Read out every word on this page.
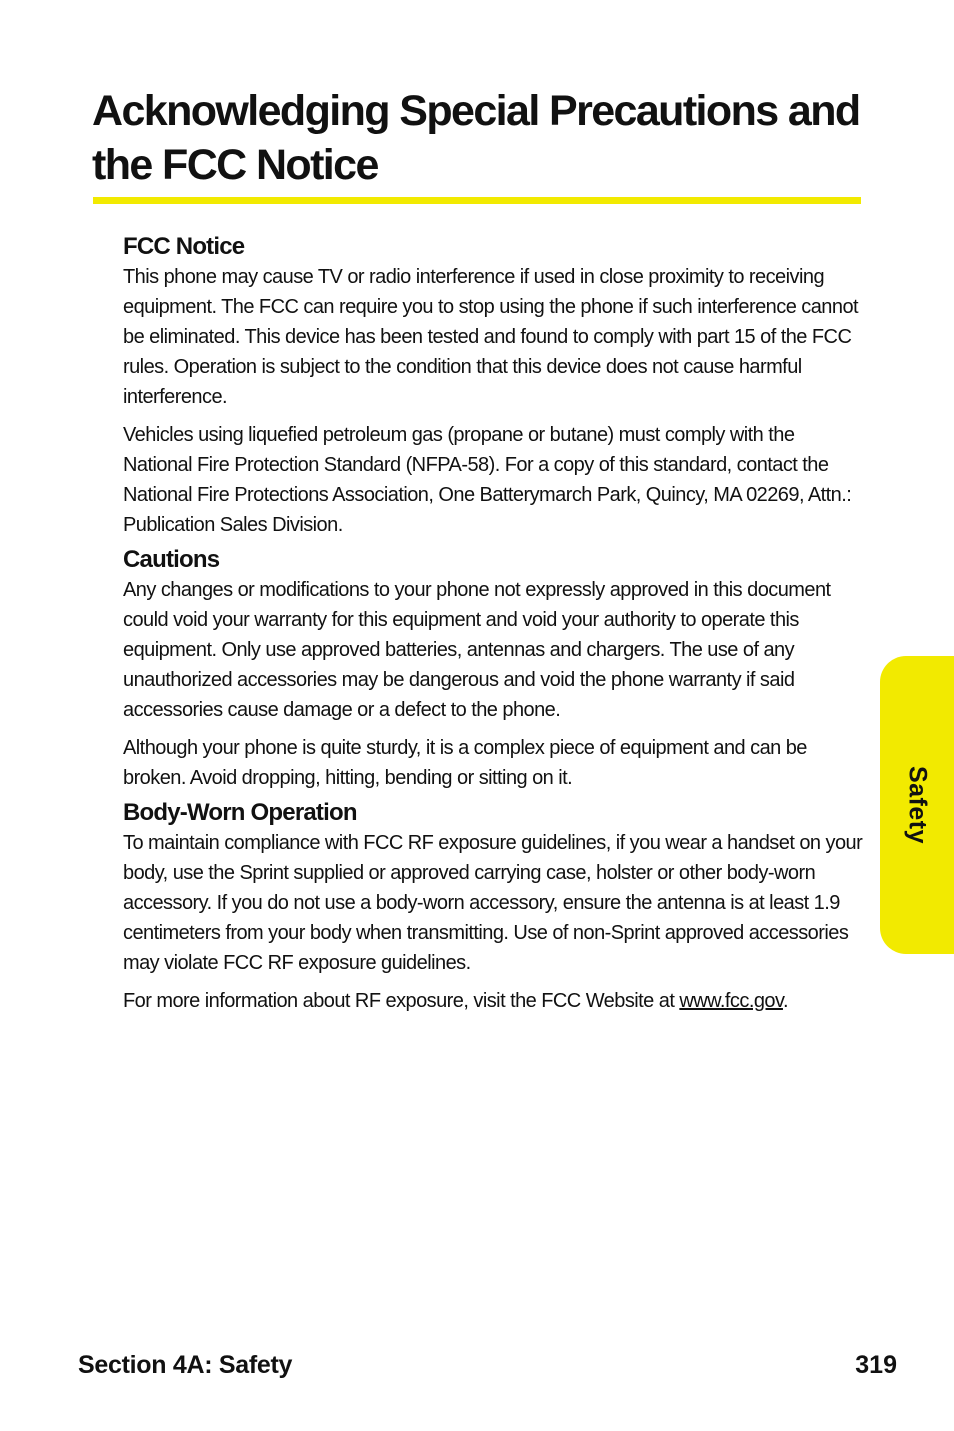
Acknowledging Special Precautions and the FCC Notice
FCC Notice

This phone may cause TV or radio interference if used in close proximity to receiving equipment. The FCC can require you to stop using the phone if such interference cannot be eliminated. This device has been tested and found to comply with part 15 of the FCC rules. Operation is subject to the condition that this device does not cause harmful interference.

Vehicles using liquefied petroleum gas (propane or butane) must comply with the National Fire Protection Standard (NFPA-58). For a copy of this standard, contact the National Fire Protections Association, One Batterymarch Park, Quincy, MA 02269, Attn.: Publication Sales Division.

Cautions

Any changes or modifications to your phone not expressly approved in this document could void your warranty for this equipment and void your authority to operate this equipment. Only use approved batteries, antennas and chargers. The use of any unauthorized accessories may be dangerous and void the phone warranty if said accessories cause damage or a defect to the phone.

Although your phone is quite sturdy, it is a complex piece of equipment and can be broken. Avoid dropping, hitting, bending or sitting on it.

Body-Worn Operation

To maintain compliance with FCC RF exposure guidelines, if you wear a handset on your body, use the Sprint supplied or approved carrying case, holster or other body-worn accessory. If you do not use a body-worn accessory, ensure the antenna is at least 1.9 centimeters from your body when transmitting. Use of non-Sprint approved accessories may violate FCC RF exposure guidelines.

For more information about RF exposure, visit the FCC Website at www.fcc.gov.

Safety
Section 4A: Safety	319
